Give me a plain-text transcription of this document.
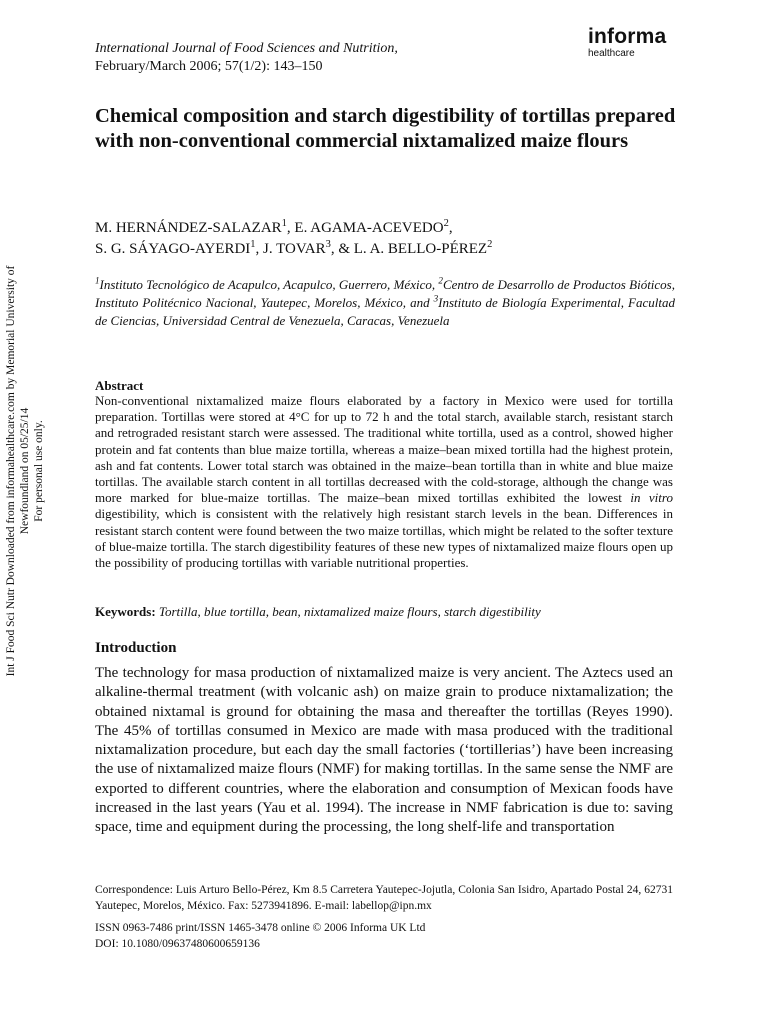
Int J Food Sci Nutr Downloaded from informahealthcare.com by Memorial University of Newfoundland on 05/25/14 For personal use only.
International Journal of Food Sciences and Nutrition,
February/March 2006; 57(1/2): 143–150
informa
healthcare
Chemical composition and starch digestibility of tortillas prepared with non-conventional commercial nixtamalized maize flours
M. HERNÁNDEZ-SALAZAR$^1$, E. AGAMA-ACEVEDO$^2$,
S. G. SÁYAGO-AYERDI$^1$, J. TOVAR$^3$, & L. A. BELLO-PÉREZ$^2$
$^1$Instituto Tecnológico de Acapulco, Acapulco, Guerrero, México, $^2$Centro de Desarrollo de Productos Bióticos, Instituto Politécnico Nacional, Yautepec, Morelos, México, and $^3$Instituto de Biología Experimental, Facultad de Ciencias, Universidad Central de Venezuela, Caracas, Venezuela
Abstract

Non-conventional nixtamalized maize flours elaborated by a factory in Mexico were used for tortilla preparation. Tortillas were stored at 4°C for up to 72 h and the total starch, available starch, resistant starch and retrograded resistant starch were assessed. The traditional white tortilla, used as a control, showed higher protein and fat contents than blue maize tortilla, whereas a maize–bean mixed tortilla had the highest protein, ash and fat contents. Lower total starch was obtained in the maize–bean tortilla than in white and blue maize tortillas. The available starch content in all tortillas decreased with the cold-storage, although the change was more marked for blue-maize tortillas. The maize–bean mixed tortillas exhibited the lowest in vitro digestibility, which is consistent with the relatively high resistant starch levels in the bean. Differences in resistant starch content were found between the two maize tortillas, which might be related to the softer texture of blue-maize tortilla. The starch digestibility features of these new types of nixtamalized maize flours open up the possibility of producing tortillas with variable nutritional properties.

Keywords: Tortilla, blue tortilla, bean, nixtamalized maize flours, starch digestibility
Introduction

The technology for masa production of nixtamalized maize is very ancient. The Aztecs used an alkaline-thermal treatment (with volcanic ash) on maize grain to produce nixtamalization; the obtained nixtamal is ground for obtaining the masa and thereafter the tortillas (Reyes 1990). The 45% of tortillas consumed in Mexico are made with masa produced with the traditional nixtamalization procedure, but each day the small factories (‘tortillerias’) have been increasing the use of nixtamalized maize flours (NMF) for making tortillas. In the same sense the NMF are exported to different countries, where the elaboration and consumption of Mexican foods have increased in the last years (Yau et al. 1994). The increase in NMF fabrication is due to: saving space, time and equipment during the processing, the long shelf-life and transportation

Correspondence: Luis Arturo Bello-Pérez, Km 8.5 Carretera Yautepec-Jojutla, Colonia San Isidro, Apartado Postal 24, 62731 Yautepec, Morelos, México. Fax: 5273941896. E-mail: labellop@ipn.mx
ISSN 0963-7486 print/ISSN 1465-3478 online © 2006 Informa UK Ltd
DOI: 10.1080/09637480600659136
